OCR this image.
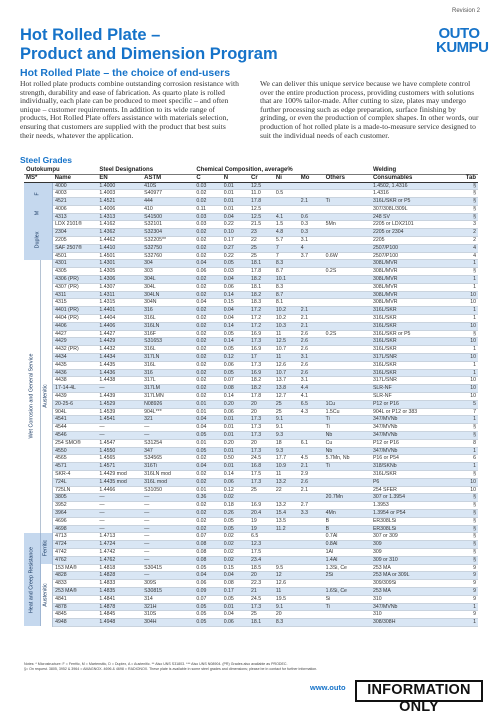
Revision 2
OUTO
KUMPU
Hot Rolled Plate –
Product and Dimension Program
Hot Rolled Plate – the choice of end-users

Hot rolled plate products combine outstanding corrosion resistance with strength, durability and ease of fabrication. As quarto plate is rolled individually, each plate can be produced to meet specific – and often unique – customer requirements. In addition to its wide range of products, Hot Rolled Plate offers assistance with materials selection, ensuring that customers are supplied with the product that best suits their needs, whatever the application.

We can deliver this unique service because we have complete control over the entire production process, providing customers with solutions that are 100% tailor-made. After cutting to size, plates may undergo further processing such as edge preparation, surface finishing by grinding, or even the production of complex shapes. In other words, our production of hot rolled plate is a made-to-measure service designed to suit the individual needs of each customer.

Steel Grades
Outokumpu			Steel Designations		Chemical Composition, average%						Welding	
MS*		Name	EN	ASTM	C	N	Cr	Ni	Mo	Others	Consumables	Tab

F		4000	1.4000	410S	0.03	0.01	12.5				1.4502, 1.4316	§
		4003	1.4003	S40977	0.02	0.01	11.0	0.5			1.4316	§
		4521	1.4521	444	0.02	0.01	17.8		2.1	Ti	316L/SKR or P5	§

M		4006	1.4006	410	0.11	0.01	12.5				307/308L/309L	§
		4313	1.4313	S41500	0.03	0.04	12.5	4.1	0.6		248 SV	§

Duplex		LDX 2101®	1.4162	S32101	0.03	0.22	21.5	1.5	0.3	5Mn	2205 or LDX2101	3
		2304	1.4362	S32304	0.02	0.10	23	4.8	0.3		2205 or 2304	2
		2205	1.4462	S32205**	0.02	0.17	22	5.7	3.1		2205	2
		SAF 2507®	1.4410	S32750	0.02	0.27	25	7	4		2507/P100	4
		4501	1.4501	S32760	0.02	0.22	25	7	3.7	0.6W	2507/P100	4

Wet Corrosion and General Service	Austenitic	4301	1.4301	304	0.04	0.05	18.1	8.3			308L/MVR	1
		4305	1.4305	303	0.06	0.03	17.8	8.7		0.2S	308L/MVR	§
		4306 (PR)	1.4306	304L	0.02	0.04	18.2	10.1			308L/MVR	1
		4307 (PR)	1.4307	304L	0.02	0.06	18.1	8.3			308L/MVR	1
		4311	1.4311	304LN	0.02	0.14	18.2	8.7			308L/MVR	10
		4315	1.4315	304N	0.04	0.15	18.3	8.1			308L/MVR	10
		4401 (PR)	1.4401	316	0.02	0.04	17.2	10.2	2.1		316L/SKR	1
		4404 (PR)	1.4404	316L	0.02	0.04	17.2	10.2	2.1		316L/SKR	1
		4406	1.4406	316LN	0.02	0.14	17.2	10.3	2.1		316L/SKR	10
		4427	1.4427	316F	0.02	0.05	16.9	11	2.6	0.2S	316L/SKR or P5	§
		4429	1.4429	S31653	0.02	0.14	17.3	12.5	2.6		316L/SKR	10
		4432 (PR)	1.4432	316L	0.02	0.05	16.9	10.7	2.6		316L/SKR	1
		4434	1.4434	317LN	0.02	0.12	17	11	3.1		317L/SNR	10
		4435	1.4435	316L	0.02	0.06	17.3	12.6	2.6		316L/SKR	1
		4436	1.4436	316	0.02	0.05	16.9	10.7	2.6		316L/SKR	1
		4438	1.4438	317L	0.02	0.07	18.2	13.7	3.1		317L/SNR	10
		17-14-4L	—	317LM	0.02	0.08	18.2	13.8	4.4		SLR-NF	10
		4439	1.4439	317LMN	0.02	0.14	17.8	12.7	4.1		SLR-NF	10
		20-25-6	1.4529	N08926	0.01	0.20	20	25	6.5	1Cu	P12 or P16	5
		904L	1.4539	904L***	0.01	0.06	20	25	4.3	1.5Cu	904L or P12 or 383	7
		4541	1.4541	321	0.04	0.01	17.3	9.1		Ti	347/MVNb	1
		4544	—	—	0.04	0.01	17.3	9.1		Ti	347/MVNb	§
		4546	—	—	0.05	0.01	17.3	9.3		Nb	347/MVNb	§
		254 SMO®	1.4547	S31254	0.01	0.20	20	18	6.1	Cu	P12 or P16	8
		4550	1.4550	347	0.05	0.01	17.3	9.3		Nb	347/MVNb	1
		4565	1.4565	S34565	0.02	0.50	24.5	17.7	4.5	5.7Mn, Nb	P16 or P54	6
		4571	1.4571	316Ti	0.04	0.01	16.8	10.9	2.1	Ti	318/SKNb	1
		SKR-4	1.4429 mod	316LN mod	0.02	0.14	17.5	11	2.9		316L/SKR	§
		724L	1.4435 mod	316L mod	0.02	0.06	17.3	13.2	2.6		P6	10
		725LN	1.4466	S31050	0.01	0.12	25	22	2.1		254 SFER	10
		3805	—	—	0.36	0.02				20.7Mn	307 or 1.3954	§
		3952	—	—	0.02	0.18	16.9	13.2	2.7		1.3953	§
		3964	—	—	0.02	0.26	20.4	15.4	3.3	4Mn	1.3954 or P54	§
		4696	—	—	0.02	0.05	19	13.5		B	ER308LSi	§
		4698	—	—	0.02	0.05	19	11.2		B	ER308LSi	§

Heat and Creep Resistance	Ferritic	4713	1.4713	—	0.07	0.02	6.5			0.7Al	307 or 309	§
		4724	1.4724	—	0.08	0.02	12.3			0.8Al	309	§
		4742	1.4742	—	0.08	0.02	17.5			1Al	309	§
		4762	1.4762	—	0.08	0.02	23.4			1.4Al	309 or 310	§

	Austenitic	153 MA®	1.4818	S30415	0.05	0.15	18.5	9.5		1.3Si, Ce	253 MA	9
		4828	1.4828	—	0.04	0.04	20	12		2Si	253 MA or 309L	9
		4833	1.4833	309S	0.06	0.08	22.3	12.6			309/309Si	9
		253 MA®	1.4835	S30815	0.09	0.17	21	11		1.6Si, Ce	253 MA	9
		4841	1.4841	314	0.07	0.05	24.5	19.5		Si	310	9
		4878	1.4878	321H	0.05	0.01	17.3	9.1		Ti	347/MVNb	1
		4845	1.4845	310S	0.05	0.04	25	20			310	9
		4948	1.4948	304H	0.05	0.06	18.1	8.3			308/308H	1
Notes: * Microstructure: F = Ferritic, M = Martensitic, D = Duplex, A = Austenitic. ** Also UNS S31803. *** Also UNS N08904. (PR) Grades also available as PRODEC.
§= On request. 3805, 3952 & 3964 = AMAGNOX. 4696 & 4698 = RADIONOX. These plate is available in some steel grades and dimensions; please be in contact for further information.
www.outo	INFORMATION ONLY
